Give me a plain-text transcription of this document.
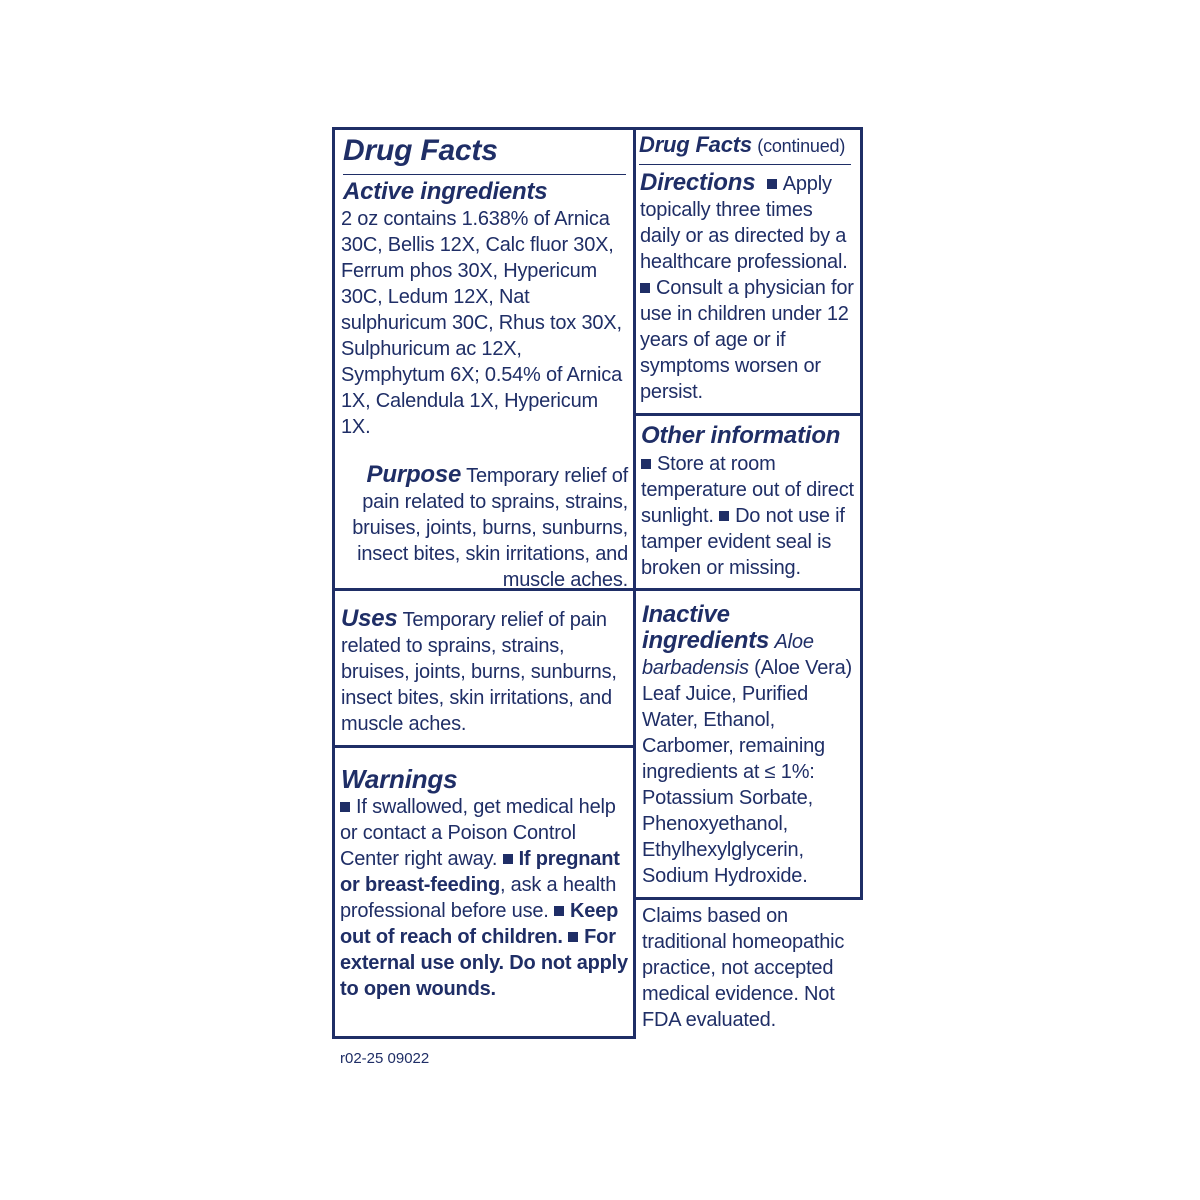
Drug Facts
Active ingredients
2 oz contains 1.638% of Arnica 30C, Bellis 12X, Calc fluor 30X, Ferrum phos 30X, Hypericum 30C, Ledum 12X, Nat sulphuricum 30C, Rhus tox 30X, Sulphuricum ac 12X, Symphytum 6X; 0.54% of Arnica 1X, Calendula 1X, Hypericum 1X.
Purpose Temporary relief of pain related to sprains, strains, bruises, joints, burns, sunburns, insect bites, skin irritations, and muscle aches.
Uses Temporary relief of pain related to sprains, strains, bruises, joints, burns, sunburns, insect bites, skin irritations, and muscle aches.
Warnings
If swallowed, get medical help or contact a Poison Control Center right away. If pregnant or breast-feeding, ask a health professional before use. Keep out of reach of children. For external use only. Do not apply to open wounds.
Drug Facts (continued)
Directions Apply topically three times daily or as directed by a healthcare professional. Consult a physician for use in children under 12 years of age or if symptoms worsen or persist.
Other information
Store at room temperature out of direct sunlight. Do not use if tamper evident seal is broken or missing.
Inactive ingredients Aloe barbadensis (Aloe Vera) Leaf Juice, Purified Water, Ethanol, Carbomer, remaining ingredients at ≤ 1%: Potassium Sorbate, Phenoxyethanol, Ethylhexylglycerin, Sodium Hydroxide.
Claims based on traditional homeopathic practice, not accepted medical evidence. Not FDA evaluated.
r02-25 09022
